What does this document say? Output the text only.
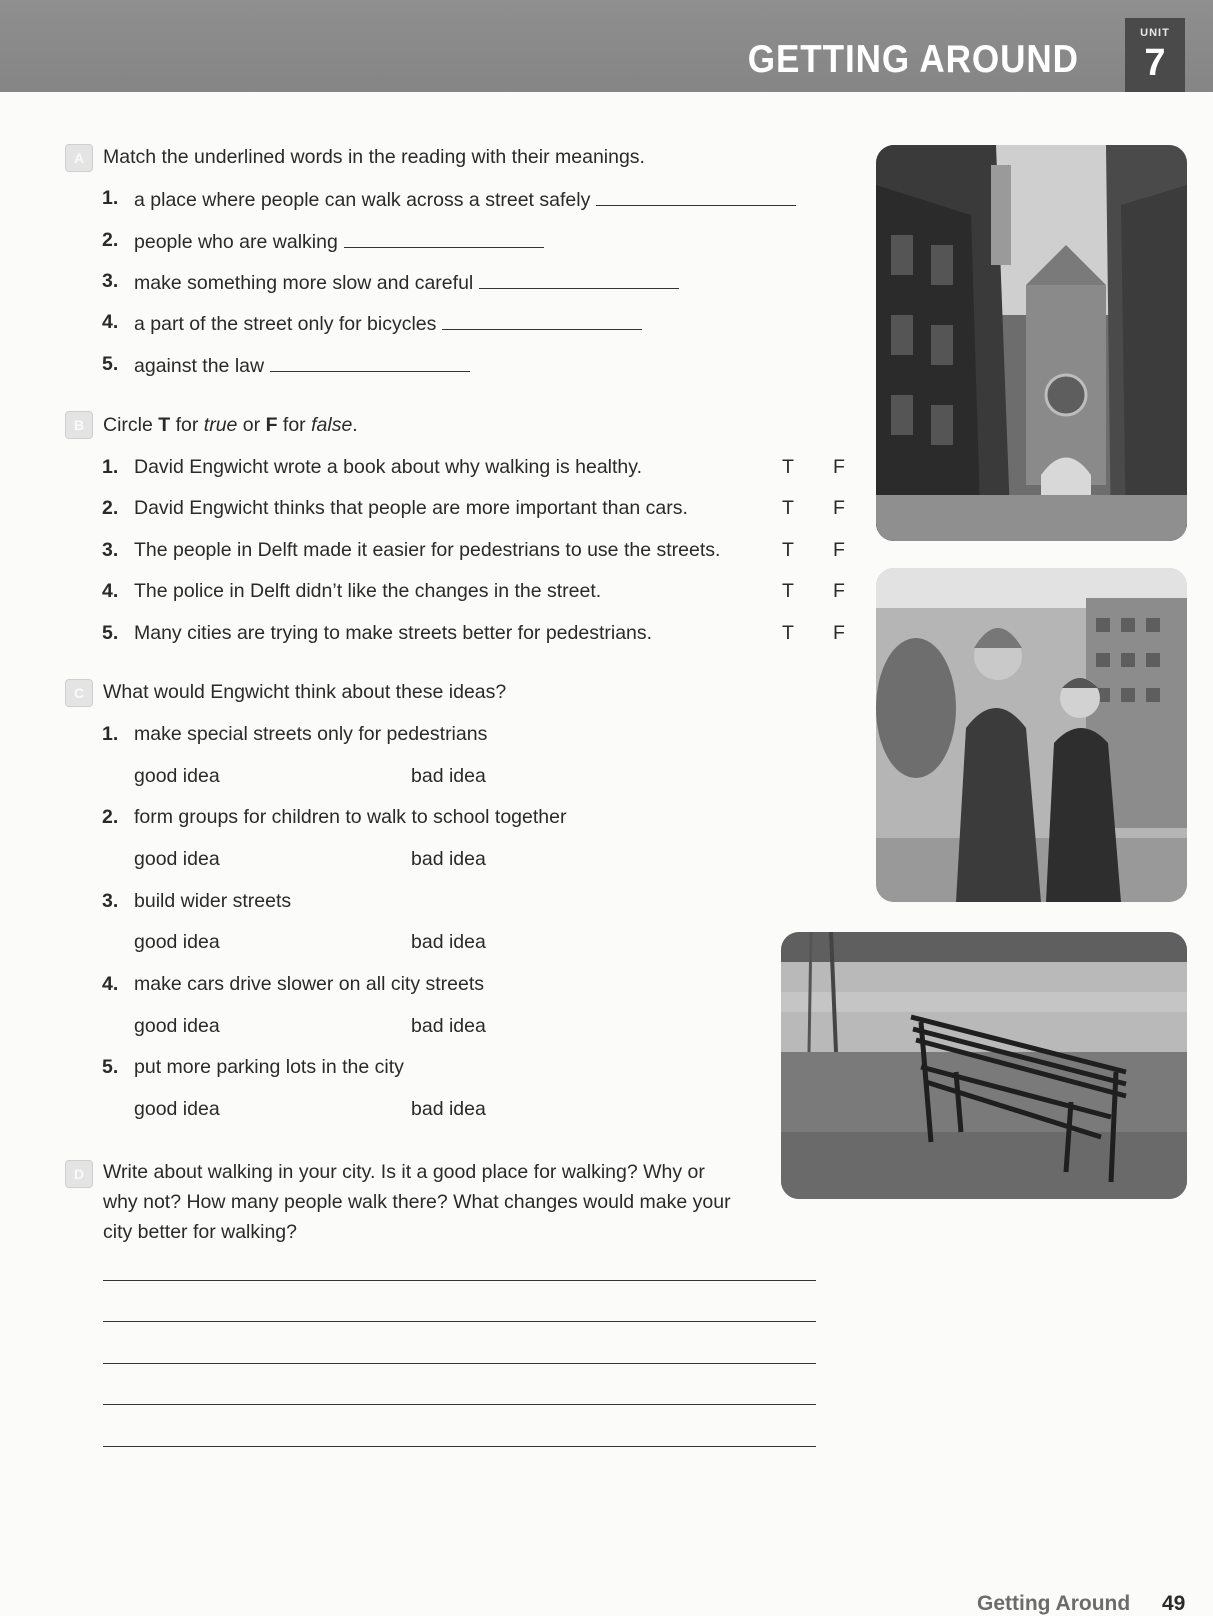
GETTING AROUND
UNIT
7
A Match the underlined words in the reading with their meanings.
1. a place where people can walk across a street safely
2. people who are walking
3. make something more slow and careful
4. a part of the street only for bicycles
5. against the law
B Circle T for true or F for false.
1. David Engwicht wrote a book about why walking is healthy.	T F
2. David Engwicht thinks that people are more important than cars.	T F
3. The people in Delft made it easier for pedestrians to use the streets.	T F
4. The police in Delft didn’t like the changes in the street.	T F
5. Many cities are trying to make streets better for pedestrians.	T F
C What would Engwicht think about these ideas?
1. make special streets only for pedestrians
good idea	bad idea
2. form groups for children to walk to school together
good idea	bad idea
3. build wider streets
good idea	bad idea
4. make cars drive slower on all city streets
good idea	bad idea
5. put more parking lots in the city
good idea	bad idea
D Write about walking in your city. Is it a good place for walking? Why or
why not? How many people walk there? What changes would make your
city better for walking?
Getting Around 49
